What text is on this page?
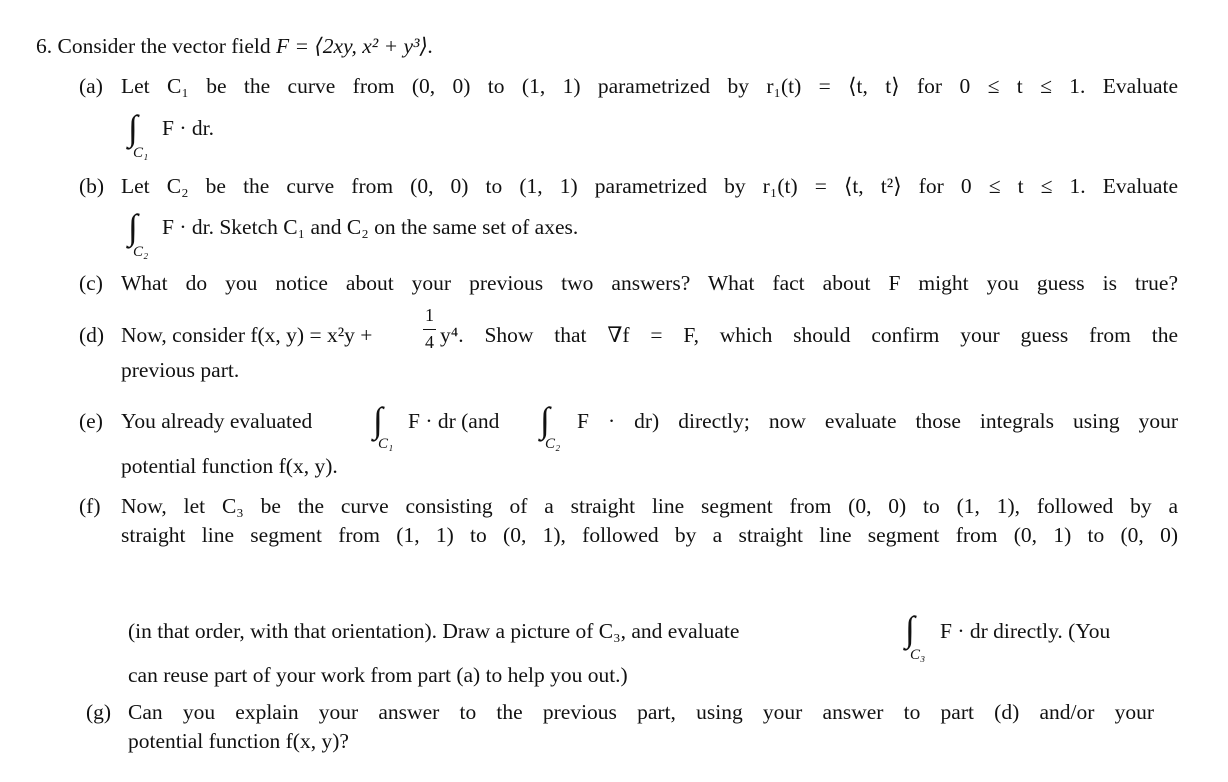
6. Consider the vector field F = ⟨2xy, x² + y³⟩.
(a) Let C₁ be the curve from (0, 0) to (1, 1) parametrized by r₁(t) = ⟨t, t⟩ for 0 ≤ t ≤ 1. Evaluate
∫
C₁
F · dr.
(b) Let C₂ be the curve from (0, 0) to (1, 1) parametrized by r₁(t) = ⟨t, t²⟩ for 0 ≤ t ≤ 1. Evaluate
∫
C₂
F · dr. Sketch C₁ and C₂ on the same set of axes.
(c) What do you notice about your previous two answers? What fact about F might you guess is true?
(d) Now, consider f(x, y) = x²y +
1
4 y⁴. Show that ∇f = F, which should confirm your guess from the
previous part.
(e) You already evaluated ∫
C₁
F · dr (and ∫
C₂
F · dr) directly; now evaluate those integrals using your
potential function f(x, y).
(f) Now, let C₃ be the curve consisting of a straight line segment from (0, 0) to (1, 1), followed by a
straight line segment from (1, 1) to (0, 1), followed by a straight line segment from (0, 1) to (0, 0)
(in that order, with that orientation). Draw a picture of C₃, and evaluate	∫
C₃
F · dr directly. (You
can reuse part of your work from part (a) to help you out.)
(g) Can you explain your answer to the previous part, using your answer to part (d) and/or your
potential function f(x, y)?
